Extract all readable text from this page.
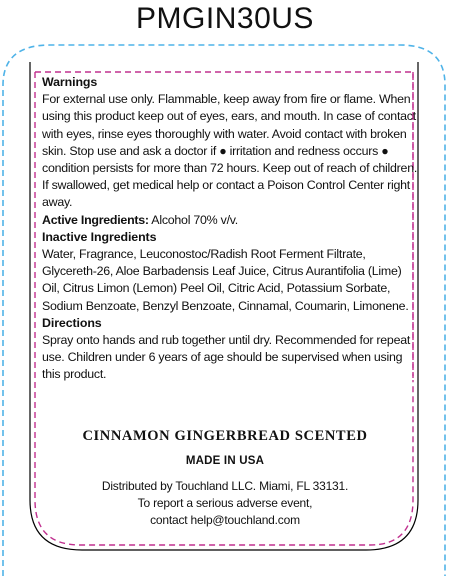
PMGIN30US

Warnings

For external use only. Flammable, keep away from fire or flame. When using this product keep out of eyes, ears, and mouth. In case of contact with eyes, rinse eyes thoroughly with water. Avoid contact with broken skin. Stop use and ask a doctor if ● irritation and redness occurs ● condition persists for more than 72 hours. Keep out of reach of children. If swallowed, get medical help or contact a Poison Control Center right away.

Active Ingredients: Alcohol 70% v/v.

Inactive Ingredients

Water, Fragrance, Leuconostoc/Radish Root Ferment Filtrate, Glycereth-26, Aloe Barbadensis Leaf Juice, Citrus Aurantifolia (Lime) Oil, Citrus Limon (Lemon) Peel Oil, Citric Acid, Potassium Sorbate, Sodium Benzoate, Benzyl Benzoate, Cinnamal, Coumarin, Limonene.

Directions

Spray onto hands and rub together until dry. Recommended for repeat use. Children under 6 years of age should be supervised when using this product.

CINNAMON GINGERBREAD SCENTED
MADE IN USA
Distributed by Touchland LLC. Miami, FL 33131.
To report a serious adverse event,
contact help@touchland.com
